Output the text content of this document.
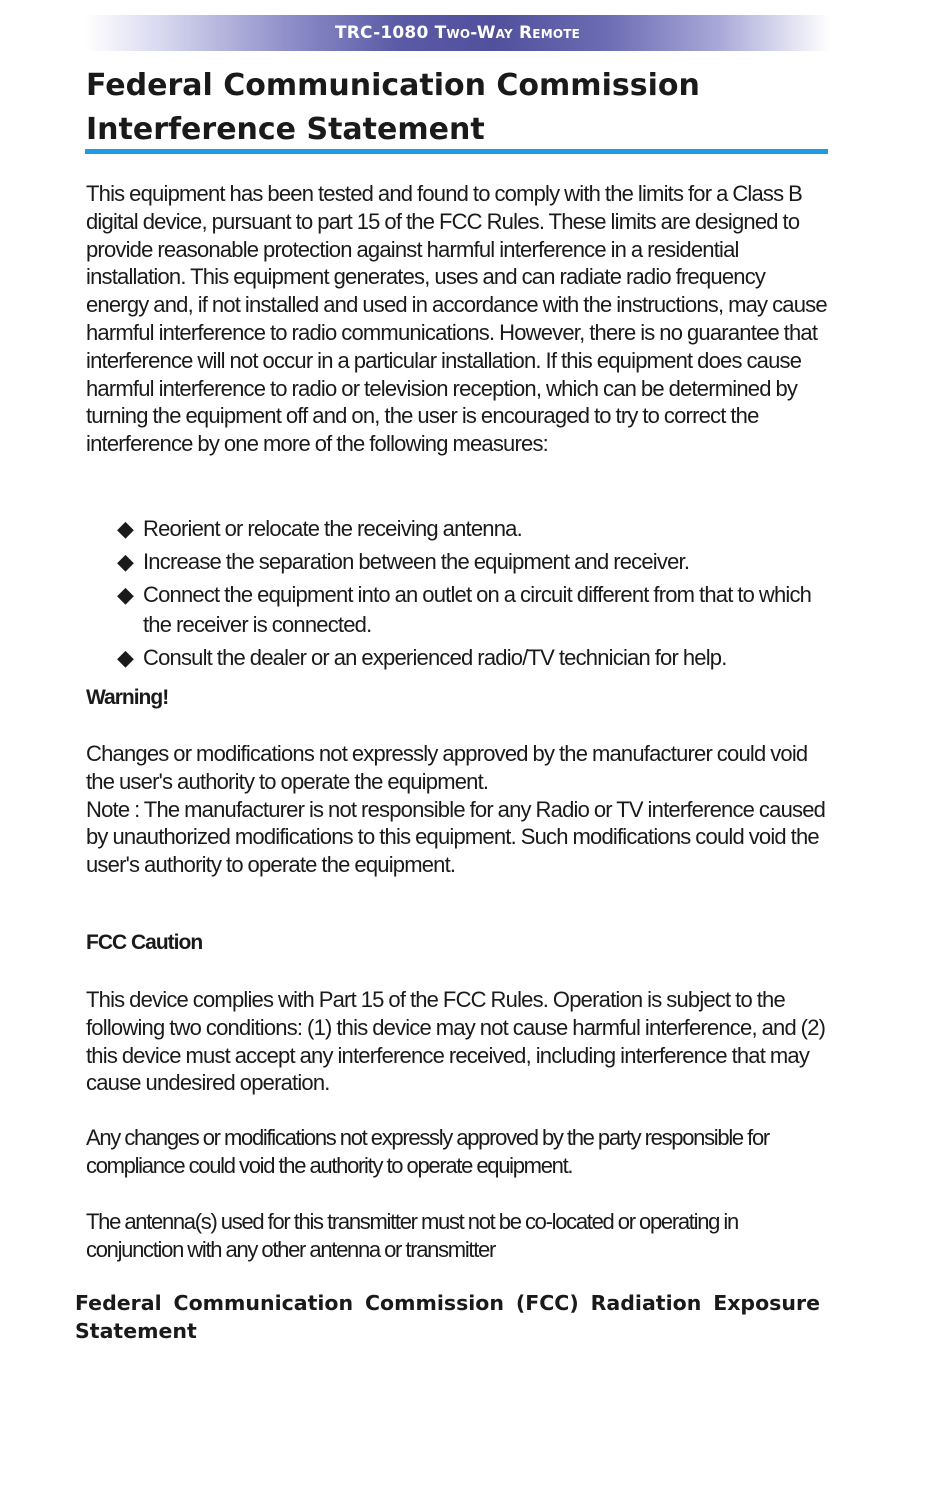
TRC-1080 Two-Way Remote
Federal Communication Commission
Interference Statement

This equipment has been tested and found to comply with the limits for a Class B digital device, pursuant to part 15 of the FCC Rules. These limits are designed to provide reasonable protection against harmful interference in a residential installation. This equipment generates, uses and can radiate radio frequency energy and, if not installed and used in accordance with the instructions, may cause harmful interference to radio communications. However, there is no guarantee that interference will not occur in a particular installation. If this equipment does cause harmful interference to radio or television reception, which can be determined by turning the equipment off and on, the user is encouraged to try to correct the interference by one more of the following measures:

◆ Reorient or relocate the receiving antenna.
◆ Increase the separation between the equipment and receiver.
◆ Connect the equipment into an outlet on a circuit different from that to which the receiver is connected.
◆ Consult the dealer or an experienced radio/TV technician for help.
Warning!

Changes or modifications not expressly approved by the manufacturer could void the user's authority to operate the equipment.
Note : The manufacturer is not responsible for any Radio or TV interference caused by unauthorized modifications to this equipment. Such modifications could void the user's authority to operate the equipment.

FCC Caution

This device complies with Part 15 of the FCC Rules. Operation is subject to the following two conditions: (1) this device may not cause harmful interference, and (2) this device must accept any interference received, including interference that may cause undesired operation.

Any changes or modifications not expressly approved by the party responsible for compliance could void the authority to operate equipment.

The antenna(s) used for this transmitter must not be co-located or operating in conjunction with any other antenna or transmitter

Federal Communication Commission (FCC) Radiation Exposure Statement
